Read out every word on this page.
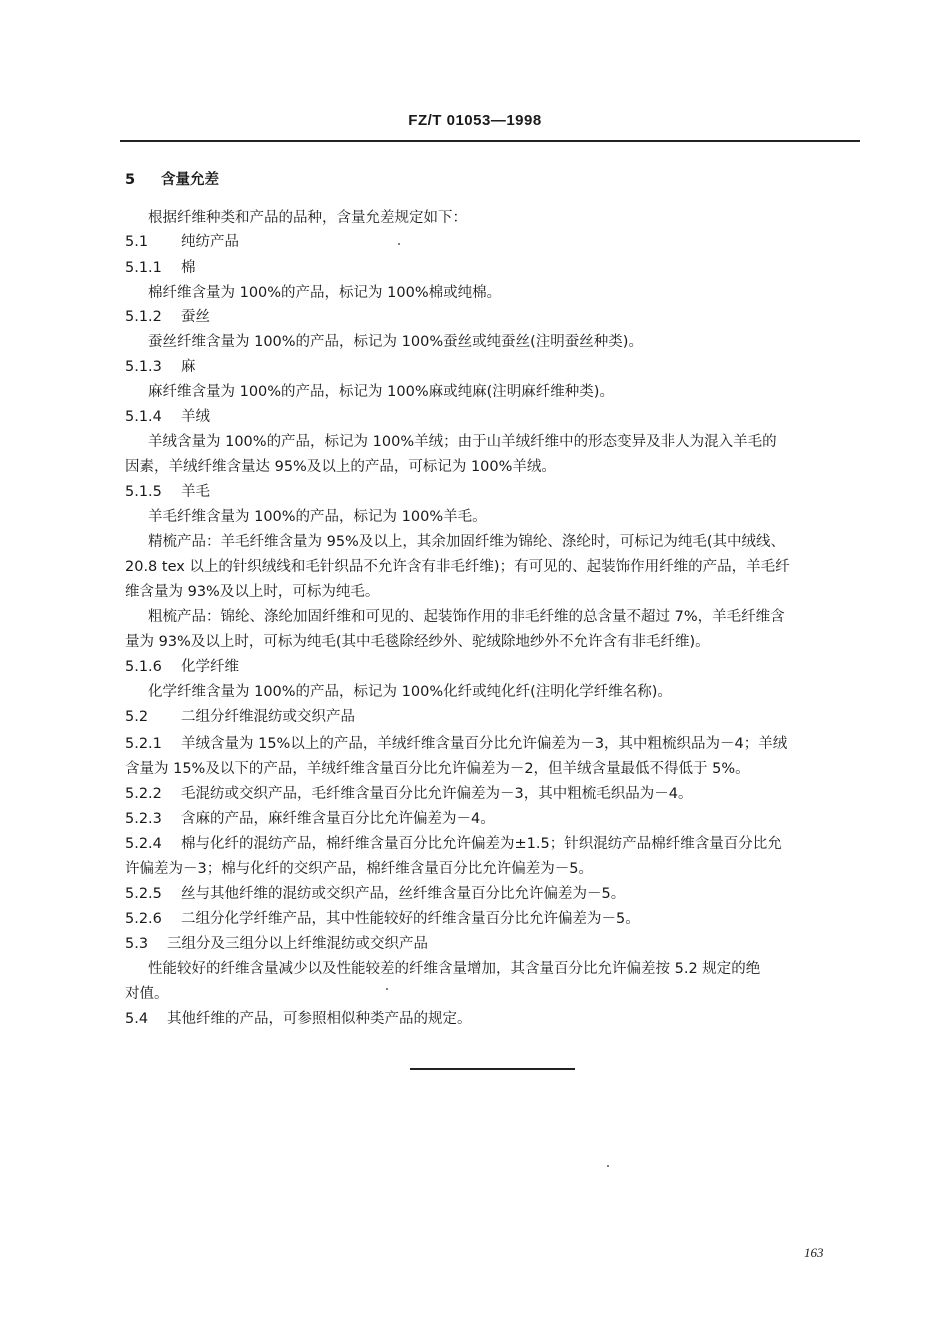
FZ/T 01053—1998
5 含量允差
根据纤维种类和产品的品种，含量允差规定如下：
5.1 纯纺产品
5.1.1 棉
棉纤维含量为 100%的产品，标记为 100%棉或纯棉。
5.1.2 蚕丝
蚕丝纤维含量为 100%的产品，标记为 100%蚕丝或纯蚕丝(注明蚕丝种类)。
5.1.3 麻
麻纤维含量为 100%的产品，标记为 100%麻或纯麻(注明麻纤维种类)。
5.1.4 羊绒
羊绒含量为 100%的产品，标记为 100%羊绒；由于山羊绒纤维中的形态变异及非人为混入羊毛的
因素，羊绒纤维含量达 95%及以上的产品，可标记为 100%羊绒。
5.1.5 羊毛
羊毛纤维含量为 100%的产品，标记为 100%羊毛。
精梳产品：羊毛纤维含量为 95%及以上，其余加固纤维为锦纶、涤纶时，可标记为纯毛(其中绒线、
20.8 tex 以上的针织绒线和毛针织品不允许含有非毛纤维)；有可见的、起装饰作用纤维的产品，羊毛纤
维含量为 93%及以上时，可标为纯毛。
粗梳产品：锦纶、涤纶加固纤维和可见的、起装饰作用的非毛纤维的总含量不超过 7%，羊毛纤维含
量为 93%及以上时，可标为纯毛(其中毛毯除经纱外、驼绒除地纱外不允许含有非毛纤维)。
5.1.6 化学纤维
化学纤维含量为 100%的产品，标记为 100%化纤或纯化纤(注明化学纤维名称)。
5.2 二组分纤维混纺或交织产品
5.2.1 羊绒含量为 15%以上的产品，羊绒纤维含量百分比允许偏差为－3，其中粗梳织品为－4；羊绒
含量为 15%及以下的产品，羊绒纤维含量百分比允许偏差为－2，但羊绒含量最低不得低于 5%。
5.2.2 毛混纺或交织产品，毛纤维含量百分比允许偏差为－3，其中粗梳毛织品为－4。
5.2.3 含麻的产品，麻纤维含量百分比允许偏差为－4。
5.2.4 棉与化纤的混纺产品，棉纤维含量百分比允许偏差为±1.5；针织混纺产品棉纤维含量百分比允
许偏差为－3；棉与化纤的交织产品，棉纤维含量百分比允许偏差为－5。
5.2.5 丝与其他纤维的混纺或交织产品，丝纤维含量百分比允许偏差为－5。
5.2.6 二组分化学纤维产品，其中性能较好的纤维含量百分比允许偏差为－5。
5.3 三组分及三组分以上纤维混纺或交织产品
性能较好的纤维含量减少以及性能较差的纤维含量增加，其含量百分比允许偏差按 5.2 规定的绝
对值。
5.4 其他纤维的产品，可参照相似种类产品的规定。
163
